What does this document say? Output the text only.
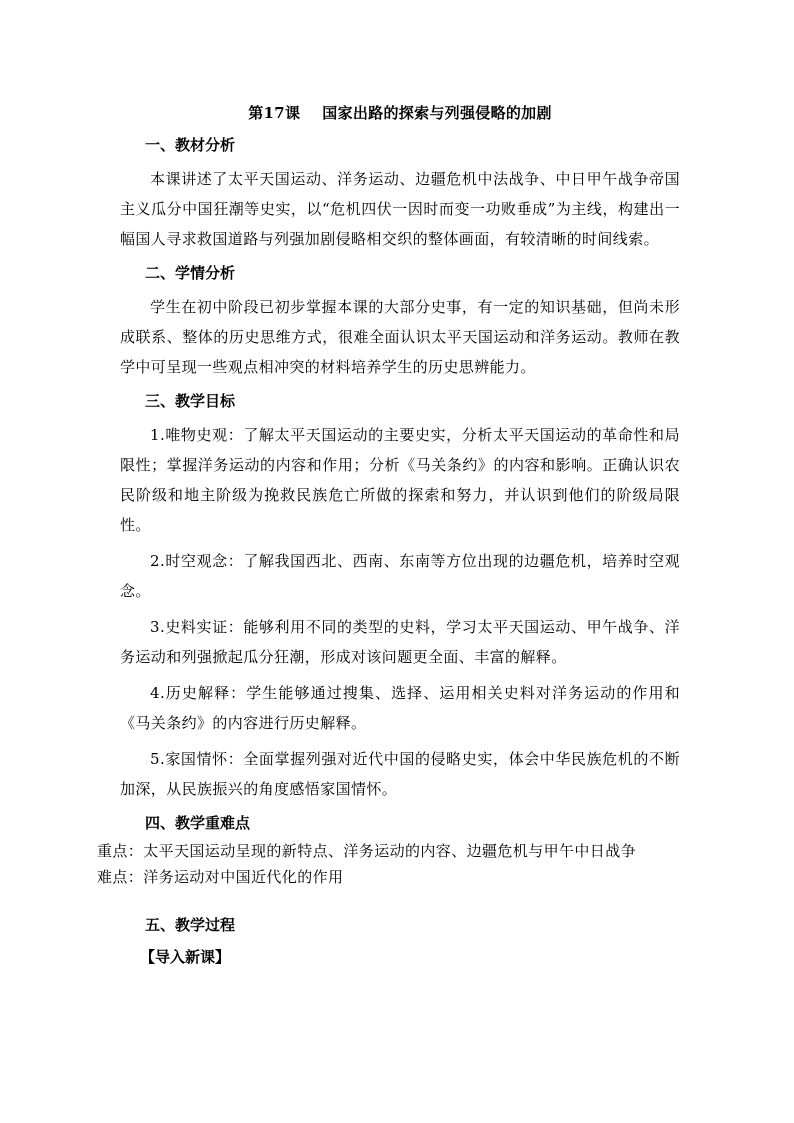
第17课 国家出路的探索与列强侵略的加剧
一、教材分析

本课讲述了太平天国运动、洋务运动、边疆危机中法战争、中日甲午战争帝国主义瓜分中国狂潮等史实，以“危机四伏一因时而变一功败垂成”为主线，构建出一幅国人寻求救国道路与列强加剧侵略相交织的整体画面，有较清晰的时间线索。

二、学情分析

学生在初中阶段已初步掌握本课的大部分史事，有一定的知识基础，但尚未形成联系、整体的历史思维方式，很难全面认识太平天国运动和洋务运动。教师在教学中可呈现一些观点相冲突的材料培养学生的历史思辨能力。

三、教学目标

1.唯物史观：了解太平天国运动的主要史实，分析太平天国运动的革命性和局限性；掌握洋务运动的内容和作用；分析《马关条约》的内容和影响。正确认识农民阶级和地主阶级为挽救民族危亡所做的探索和努力，并认识到他们的阶级局限性。

2.时空观念：了解我国西北、西南、东南等方位出现的边疆危机，培养时空观念。

3.史料实证：能够利用不同的类型的史料，学习太平天国运动、甲午战争、洋务运动和列强掀起瓜分狂潮，形成对该问题更全面、丰富的解释。

4.历史解释：学生能够通过搜集、选择、运用相关史料对洋务运动的作用和《马关条约》的内容进行历史解释。

5.家国情怀：全面掌握列强对近代中国的侵略史实，体会中华民族危机的不断加深，从民族振兴的角度感悟家国情怀。

四、教学重难点

重点：太平天国运动呈现的新特点、洋务运动的内容、边疆危机与甲午中日战争

难点：洋务运动对中国近代化的作用

五、教学过程
【导入新课】
